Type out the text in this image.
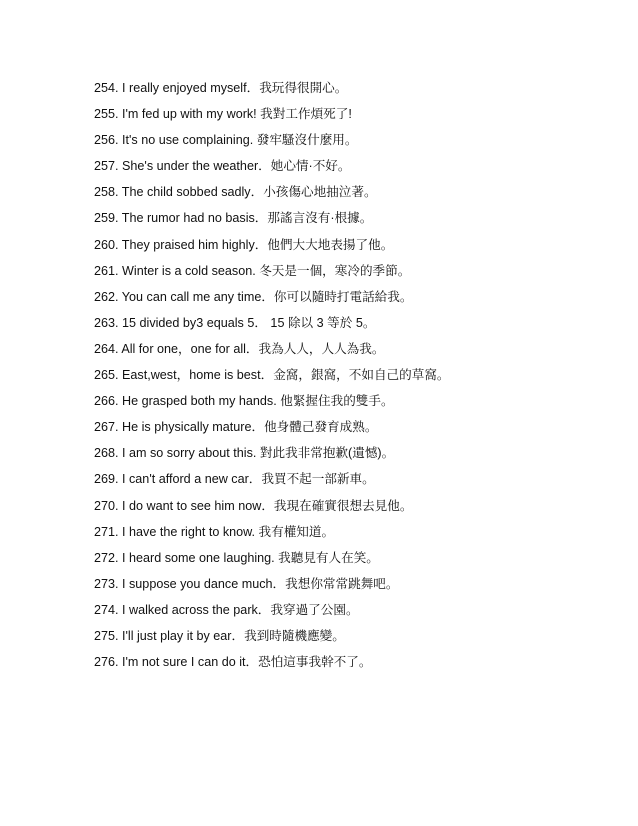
254. I really enjoyed myself．我玩得很開心。
255. I'm fed up with my work! 我對工作煩死了!
256. It's no use complaining. 發牢騷沒什麼用。
257. She's under the weather．她心情·不好。
258. The child sobbed sadly．小孩傷心地抽泣著。
259. The rumor had no basis．那謠言沒有·根據。
260. They praised him highly．他們大大地表揚了他。
261. Winter is a cold season. 冬天是一個，寒冷的季節。
262. You can call me any time．你可以隨時打電話給我。
263. 15 divided by3 equals 5． 15 除以 3 等於 5。
264. All for one，one for all．我為人人，人人為我。
265. East,west，home is best．金窩，銀窩，不如自己的草窩。
266. He grasped both my hands. 他緊握住我的雙手。
267. He is physically mature．他身體己發育成熟。
268. I am so sorry about this. 對此我非常抱歉(遺憾)。
269. I can't afford a new car．我買不起一部新車。
270. I do want to see him now．我現在確實很想去見他。
271. I have the right to know. 我有權知道。
272. I heard some one laughing. 我聽見有人在笑。
273. I suppose you dance much．我想你常常跳舞吧。
274. I walked across the park．我穿過了公園。
275. I'll just play it by ear．我到時隨機應變。
276. I'm not sure I can do it．恐怕這事我幹不了。
